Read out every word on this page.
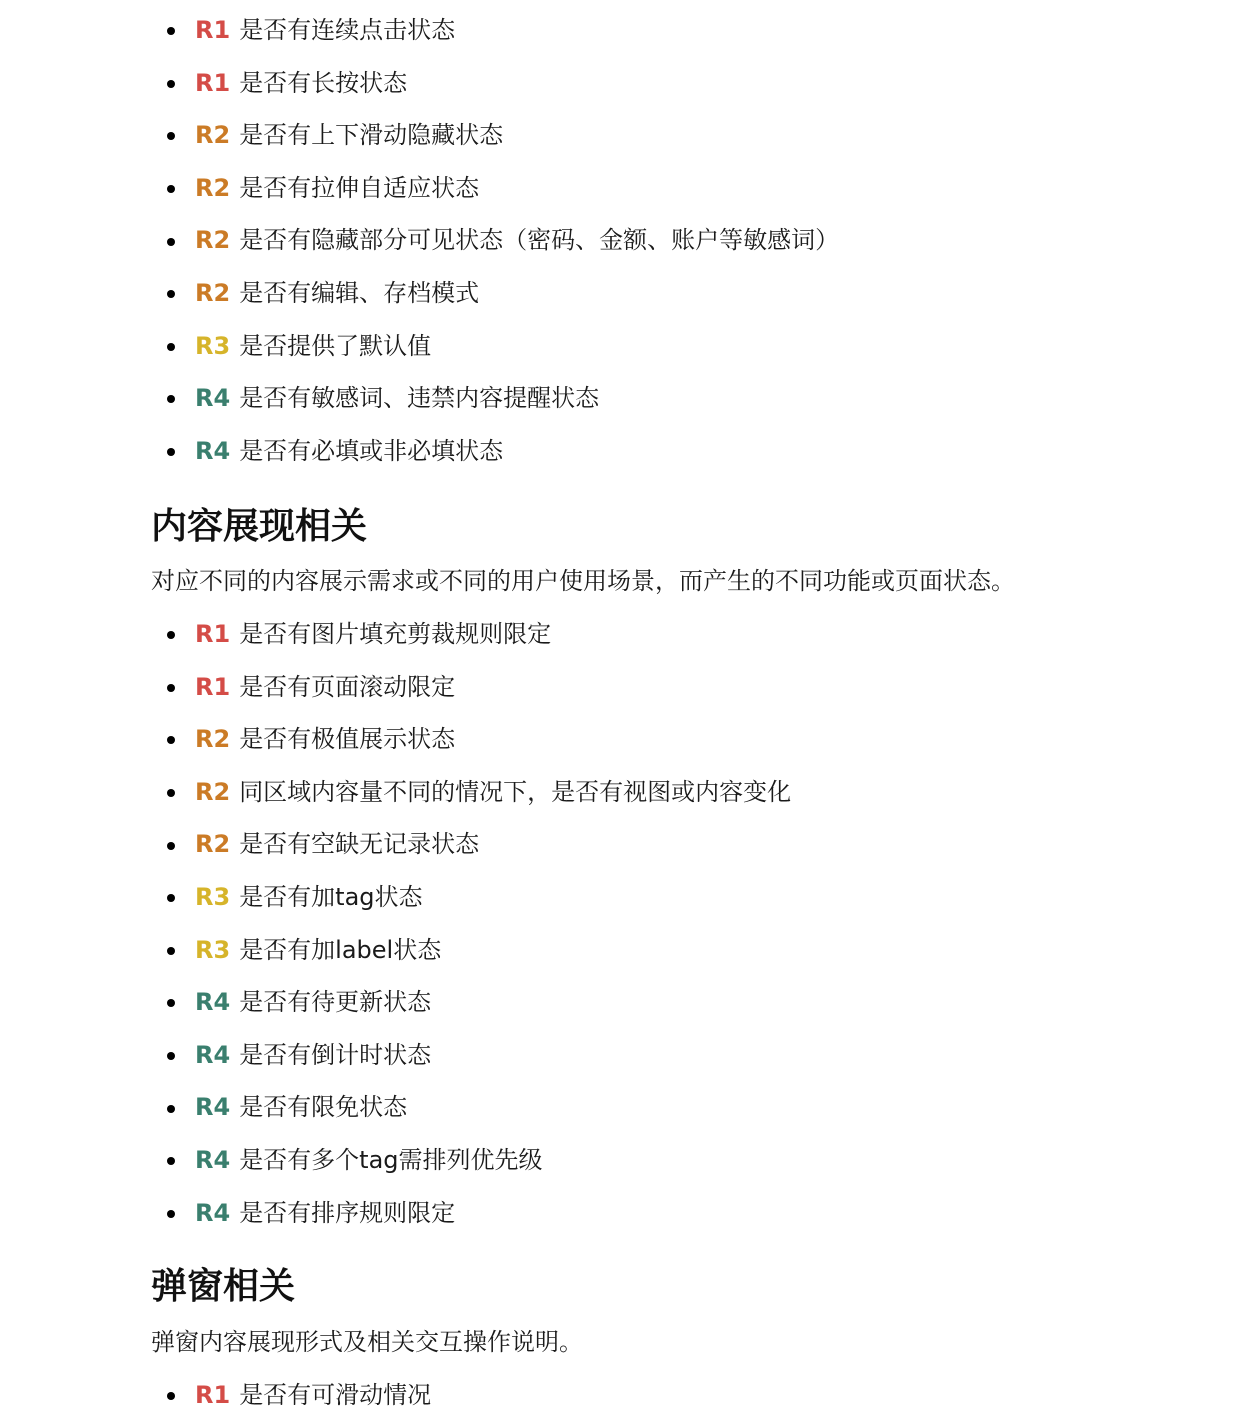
R1 是否有连续点击状态
R1 是否有长按状态
R2 是否有上下滑动隐藏状态
R2 是否有拉伸自适应状态
R2 是否有隐藏部分可见状态（密码、金额、账户等敏感词）
R2 是否有编辑、存档模式
R3 是否提供了默认值
R4 是否有敏感词、违禁内容提醒状态
R4 是否有必填或非必填状态
内容展现相关

对应不同的内容展示需求或不同的用户使用场景，而产生的不同功能或页面状态。

R1 是否有图片填充剪裁规则限定
R1 是否有页面滚动限定
R2 是否有极值展示状态
R2 同区域内容量不同的情况下，是否有视图或内容变化
R2 是否有空缺无记录状态
R3 是否有加tag状态
R3 是否有加label状态
R4 是否有待更新状态
R4 是否有倒计时状态
R4 是否有限免状态
R4 是否有多个tag需排列优先级
R4 是否有排序规则限定
弹窗相关

弹窗内容展现形式及相关交互操作说明。

R1 是否有可滑动情况
